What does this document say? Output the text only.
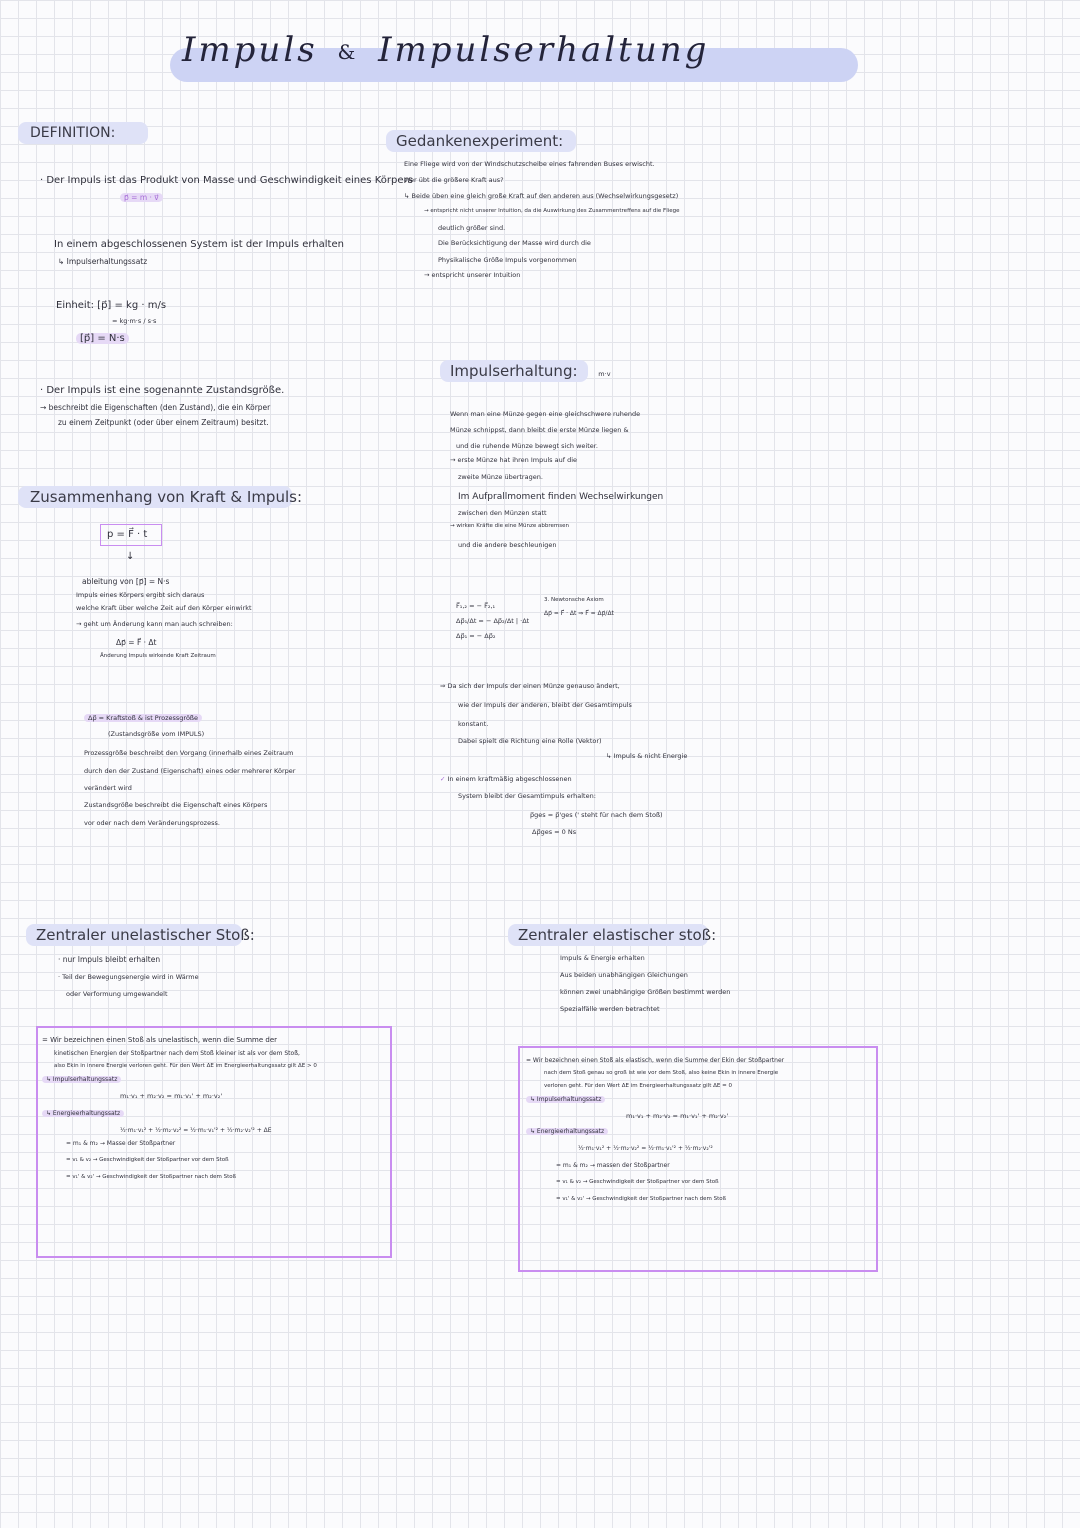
Impuls & Impulserhaltung
DEFINITION:
· Der Impuls ist das Produkt von Masse und Geschwindigkeit eines Körpers
p⃗ = m · v⃗
In einem abgeschlossenen System ist der Impuls erhalten
↳ Impulserhaltungssatz
Einheit: [p⃗] = kg · m/s
= kg·m·s / s·s
[p⃗] = N·s
· Der Impuls ist eine sogenannte Zustandsgröße.
→ beschreibt die Eigenschaften (den Zustand), die ein Körper
zu einem Zeitpunkt (oder über einem Zeitraum) besitzt.
Zusammenhang von Kraft & Impuls:
p = F⃗ · t
↓
ableitung von [p⃗] = N·s
Impuls eines Körpers ergibt sich daraus
welche Kraft über welche Zeit auf den Körper einwirkt
→ geht um Änderung kann man auch schreiben:
Δp⃗ = F⃗ · Δt
Änderung Impuls wirkende Kraft Zeitraum
Δp⃗ = Kraftstoß & ist Prozessgröße
(Zustandsgröße vom IMPULS)
Prozessgröße beschreibt den Vorgang (innerhalb eines Zeitraum
durch den der Zustand (Eigenschaft) eines oder mehrerer Körper
verändert wird
Zustandsgröße beschreibt die Eigenschaft eines Körpers
vor oder nach dem Veränderungsprozess.
Gedankenexperiment:
Eine Fliege wird von der Windschutzscheibe eines fahrenden Buses erwischt.
Wer übt die größere Kraft aus?
↳ Beide üben eine gleich große Kraft auf den anderen aus (Wechselwirkungsgesetz)
→ entspricht nicht unserer Intuition, da die Auswirkung des Zusammentreffens auf die Fliege
deutlich größer sind.
Die Berücksichtigung der Masse wird durch die
Physikalische Größe Impuls vorgenommen
→ entspricht unserer Intuition
Impulserhaltung:	m·v
Wenn man eine Münze gegen eine gleichschwere ruhende
Münze schnippst, dann bleibt die erste Münze liegen &
und die ruhende Münze bewegt sich weiter.
→ erste Münze hat ihren Impuls auf die
zweite Münze übertragen.
Im Aufprallmoment finden Wechselwirkungen
zwischen den Münzen statt
→ wirken Kräfte die eine Münze abbremsen
und die andere beschleunigen
F⃗₁,₂ = − F⃗₂,₁
Δp⃗₁/Δt = − Δp⃗₂/Δt | ·Δt
Δp⃗₁ = − Δp⃗₂
3. Newtonsche Axiom
Δp⃗ = F⃗ · Δt ⇒ F⃗ = Δp⃗/Δt
⇒ Da sich der Impuls der einen Münze genauso ändert,
wie der Impuls der anderen, bleibt der Gesamtimpuls
konstant.
Dabei spielt die Richtung eine Rolle (Vektor)
↳ Impuls & nicht Energie
✓ In einem kraftmäßig abgeschlossenen
System bleibt der Gesamtimpuls erhalten:
p⃗ges = p⃗'ges (' steht für nach dem Stoß)
Δp⃗ges = 0 Ns
Zentraler unelastischer Stoß:
· nur Impuls bleibt erhalten
· Teil der Bewegungsenergie wird in Wärme
oder Verformung umgewandelt
= Wir bezeichnen einen Stoß als unelastisch, wenn die Summe der
kinetischen Energien der Stoßpartner nach dem Stoß kleiner ist als vor dem Stoß,
also Ekin in innere Energie verloren geht. Für den Wert ΔE im Energieerhaltungssatz gilt ΔE > 0
↳ Impulserhaltungssatz
m₁·v₁ + m₂·v₂ = m₁·v₁' + m₂·v₂'
↳ Energieerhaltungssatz
½·m₁·v₁² + ½·m₂·v₂² = ½·m₁·v₁'² + ½·m₂·v₂'² + ΔE
= m₁ & m₂ → Masse der Stoßpartner
= v₁ & v₂ → Geschwindigkeit der Stoßpartner vor dem Stoß
= v₁' & v₂' → Geschwindigkeit der Stoßpartner nach dem Stoß
Zentraler elastischer stoß:
Impuls & Energie erhalten
Aus beiden unabhängigen Gleichungen
können zwei unabhängige Größen bestimmt werden
Spezialfälle werden betrachtet
= Wir bezeichnen einen Stoß als elastisch, wenn die Summe der Ekin der Stoßpartner
nach dem Stoß genau so groß ist wie vor dem Stoß, also keine Ekin in innere Energie
verloren geht. Für den Wert ΔE im Energieerhaltungssatz gilt ΔE = 0
↳ Impulserhaltungssatz
m₁·v₁ + m₂·v₂ = m₁·v₁' + m₂·v₂'
↳ Energieerhaltungssatz
½·m₁·v₁² + ½·m₂·v₂² = ½·m₁·v₁'² + ½·m₂·v₂'²
= m₁ & m₂ → massen der Stoßpartner
= v₁ & v₂ → Geschwindigkeit der Stoßpartner vor dem Stoß
= v₁' & v₂' → Geschwindigkeit der Stoßpartner nach dem Stoß
